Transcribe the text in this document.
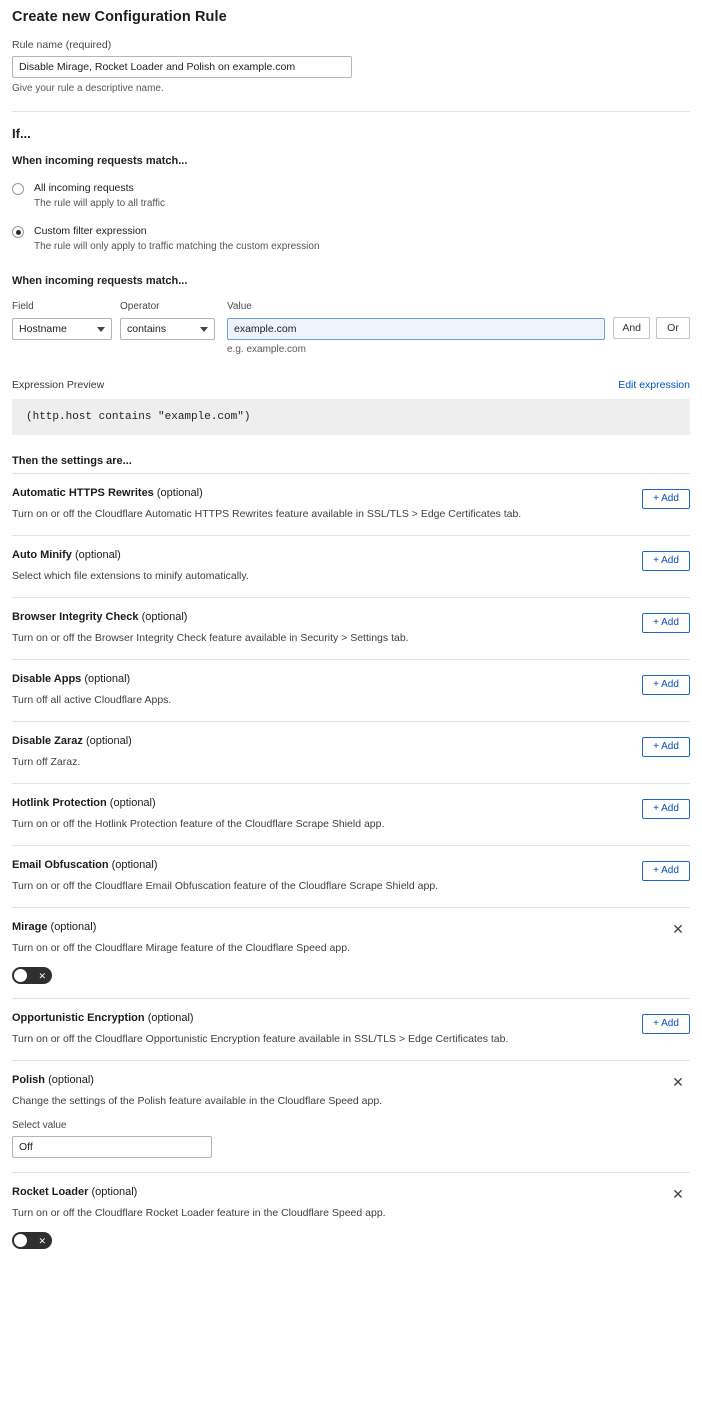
Create new Configuration Rule
Rule name (required)
Disable Mirage, Rocket Loader and Polish on example.com
Give your rule a descriptive name.
If...
When incoming requests match...
All incoming requests
The rule will apply to all traffic
Custom filter expression
The rule will only apply to traffic matching the custom expression
When incoming requests match...
Field
Hostname
Operator
contains
Value
example.com
e.g. example.com
And	Or
Expression Preview	Edit expression
(http.host contains "example.com")
Then the settings are...
Automatic HTTPS Rewrites (optional)
Turn on or off the Cloudflare Automatic HTTPS Rewrites feature available in SSL/TLS > Edge Certificates tab.
+ Add
Auto Minify (optional)
Select which file extensions to minify automatically.
+ Add
Browser Integrity Check (optional)
Turn on or off the Browser Integrity Check feature available in Security > Settings tab.
+ Add
Disable Apps (optional)
Turn off all active Cloudflare Apps.
+ Add
Disable Zaraz (optional)
Turn off Zaraz.
+ Add
Hotlink Protection (optional)
Turn on or off the Hotlink Protection feature of the Cloudflare Scrape Shield app.
+ Add
Email Obfuscation (optional)
Turn on or off the Cloudflare Email Obfuscation feature of the Cloudflare Scrape Shield app.
+ Add
Mirage (optional)
Turn on or off the Cloudflare Mirage feature of the Cloudflare Speed app.
✕
✕
Opportunistic Encryption (optional)
Turn on or off the Cloudflare Opportunistic Encryption feature available in SSL/TLS > Edge Certificates tab.
+ Add
Polish (optional)
Change the settings of the Polish feature available in the Cloudflare Speed app.
Select value
Off
✕
Rocket Loader (optional)
Turn on or off the Cloudflare Rocket Loader feature in the Cloudflare Speed app.
✕
✕
